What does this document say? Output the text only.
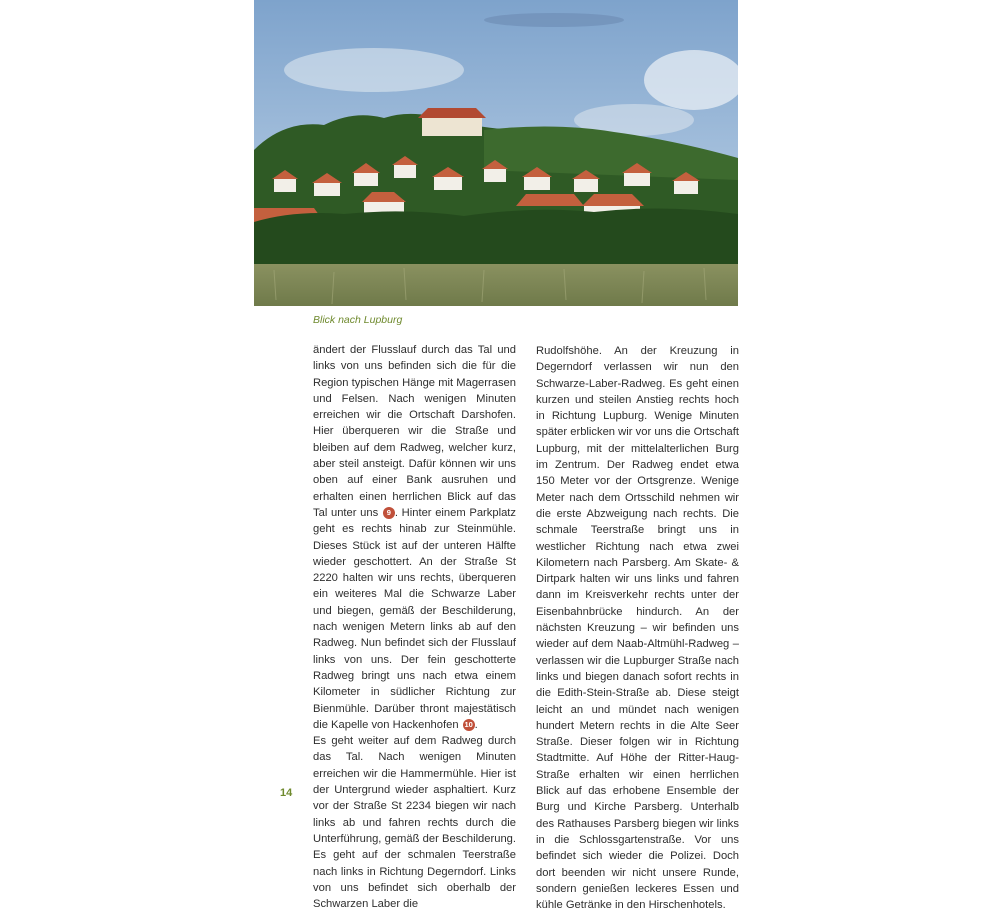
Blick nach Lupburg

ändert der Flusslauf durch das Tal und links von uns befinden sich die für die Region typischen Hänge mit Magerrasen und Felsen. Nach wenigen Minuten erreichen wir die Ortschaft Darshofen. Hier überqueren wir die Straße und bleiben auf dem Radweg, welcher kurz, aber steil ansteigt. Dafür können wir uns oben auf einer Bank ausruhen und erhalten einen herrlichen Blick auf das Tal unter uns 9 . Hinter einem Parkplatz geht es rechts hinab zur Steinmühle. Dieses Stück ist auf der unteren Hälfte wieder geschottert. An der Straße St 2220 halten wir uns rechts, überqueren ein weiteres Mal die Schwarze Laber und biegen, gemäß der Beschilderung, nach wenigen Metern links ab auf den Radweg. Nun befindet sich der Flusslauf links von uns. Der fein geschotterte Radweg bringt uns nach etwa einem Kilometer in südlicher Richtung zur Bienmühle. Darüber thront majestätisch die Kapelle von Hackenhofen 10 .

Es geht weiter auf dem Radweg durch das Tal. Nach wenigen Minuten erreichen wir die Hammermühle. Hier ist der Untergrund wieder asphaltiert. Kurz vor der Straße St 2234 biegen wir nach links ab und fahren rechts durch die Unterführung, gemäß der Beschilderung. Es geht auf der schmalen Teerstraße nach links in Richtung Degerndorf. Links von uns befindet sich oberhalb der Schwarzen Laber die

Rudolfshöhe. An der Kreuzung in Degerndorf verlassen wir nun den Schwarze-Laber-Radweg. Es geht einen kurzen und steilen Anstieg rechts hoch in Richtung Lupburg. Wenige Minuten später erblicken wir vor uns die Ortschaft Lupburg, mit der mittelalterlichen Burg im Zentrum. Der Radweg endet etwa 150 Meter vor der Ortsgrenze. Wenige Meter nach dem Ortsschild nehmen wir die erste Abzweigung nach rechts. Die schmale Teerstraße bringt uns in westlicher Richtung nach etwa zwei Kilometern nach Parsberg. Am Skate- & Dirtpark halten wir uns links und fahren dann im Kreisverkehr rechts unter der Eisenbahnbrücke hindurch. An der nächsten Kreuzung – wir befinden uns wieder auf dem Naab-Altmühl-Radweg – verlassen wir die Lupburger Straße nach links und biegen danach sofort rechts in die Edith-Stein-Straße ab. Diese steigt leicht an und mündet nach wenigen hundert Metern rechts in die Alte Seer Straße. Dieser folgen wir in Richtung Stadtmitte. Auf Höhe der Ritter-Haug-Straße erhalten wir einen herrlichen Blick auf das erhobene Ensemble der Burg und Kirche Parsberg. Unterhalb des Rathauses Parsberg biegen wir links in die Schlossgartenstraße. Vor uns befindet sich wieder die Polizei. Doch dort beenden wir nicht unsere Runde, sondern genießen leckeres Essen und kühle Getränke in den Hirschenhotels.

14
